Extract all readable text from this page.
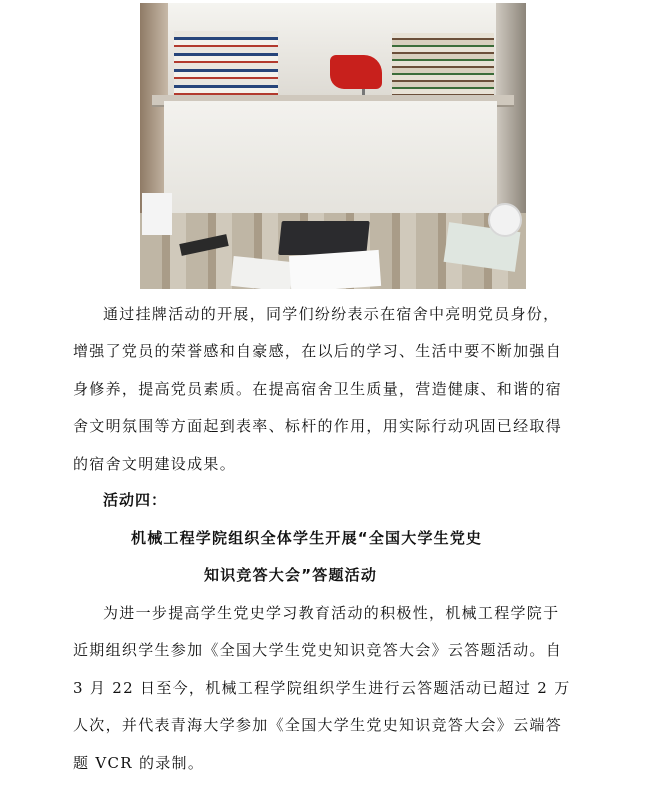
通过挂牌活动的开展，同学们纷纷表示在宿舍中亮明党员身份，
增强了党员的荣誉感和自豪感，在以后的学习、生活中要不断加强自
身修养，提高党员素质。在提高宿舍卫生质量，营造健康、和谐的宿
舍文明氛围等方面起到表率、标杆的作用，用实际行动巩固已经取得
的宿舍文明建设成果。
活动四：
机械工程学院组织全体学生开展“全国大学生党史
知识竞答大会”答题活动
为进一步提高学生党史学习教育活动的积极性，机械工程学院于
近期组织学生参加《全国大学生党史知识竞答大会》云答题活动。自
3 月 22 日至今，机械工程学院组织学生进行云答题活动已超过 2 万
人次，并代表青海大学参加《全国大学生党史知识竞答大会》云端答
题 VCR 的录制。
